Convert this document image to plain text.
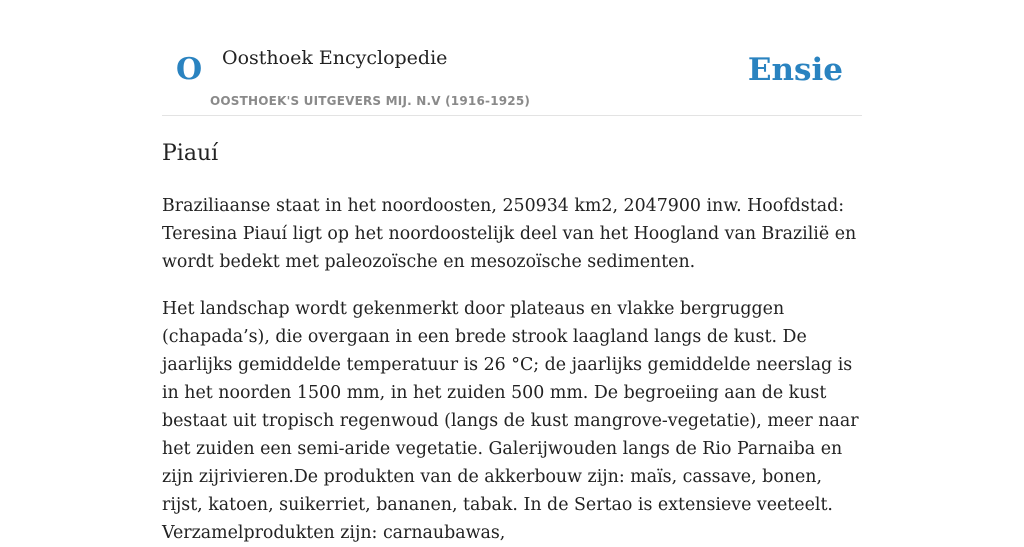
O Oosthoek Encyclopedie
OOSTHOEK'S UITGEVERS MIJ. N.V (1916-1925)
Ensie
Piauí

Braziliaanse staat in het noordoosten, 250934 km2, 2047900 inw. Hoofdstad: Teresina Piauí ligt op het noordoostelijk deel van het Hoogland van Brazilië en wordt bedekt met paleozoïsche en mesozoïsche sedimenten.

Het landschap wordt gekenmerkt door plateaus en vlakke bergruggen (chapada’s), die overgaan in een brede strook laagland langs de kust. De jaarlijks gemiddelde temperatuur is 26 °C; de jaarlijks gemiddelde neerslag is in het noorden 1500 mm, in het zuiden 500 mm. De begroeiing aan de kust bestaat uit tropisch regenwoud (langs de kust mangrove-vegetatie), meer naar het zuiden een semi-aride vegetatie. Galerijwouden langs de Rio Parnaiba en zijn zijrivieren.De produkten van de akkerbouw zijn: maïs, cassave, bonen, rijst, katoen, suikerriet, bananen, tabak. In de Sertao is extensieve veeteelt. Verzamelprodukten zijn: carnaubawas,
